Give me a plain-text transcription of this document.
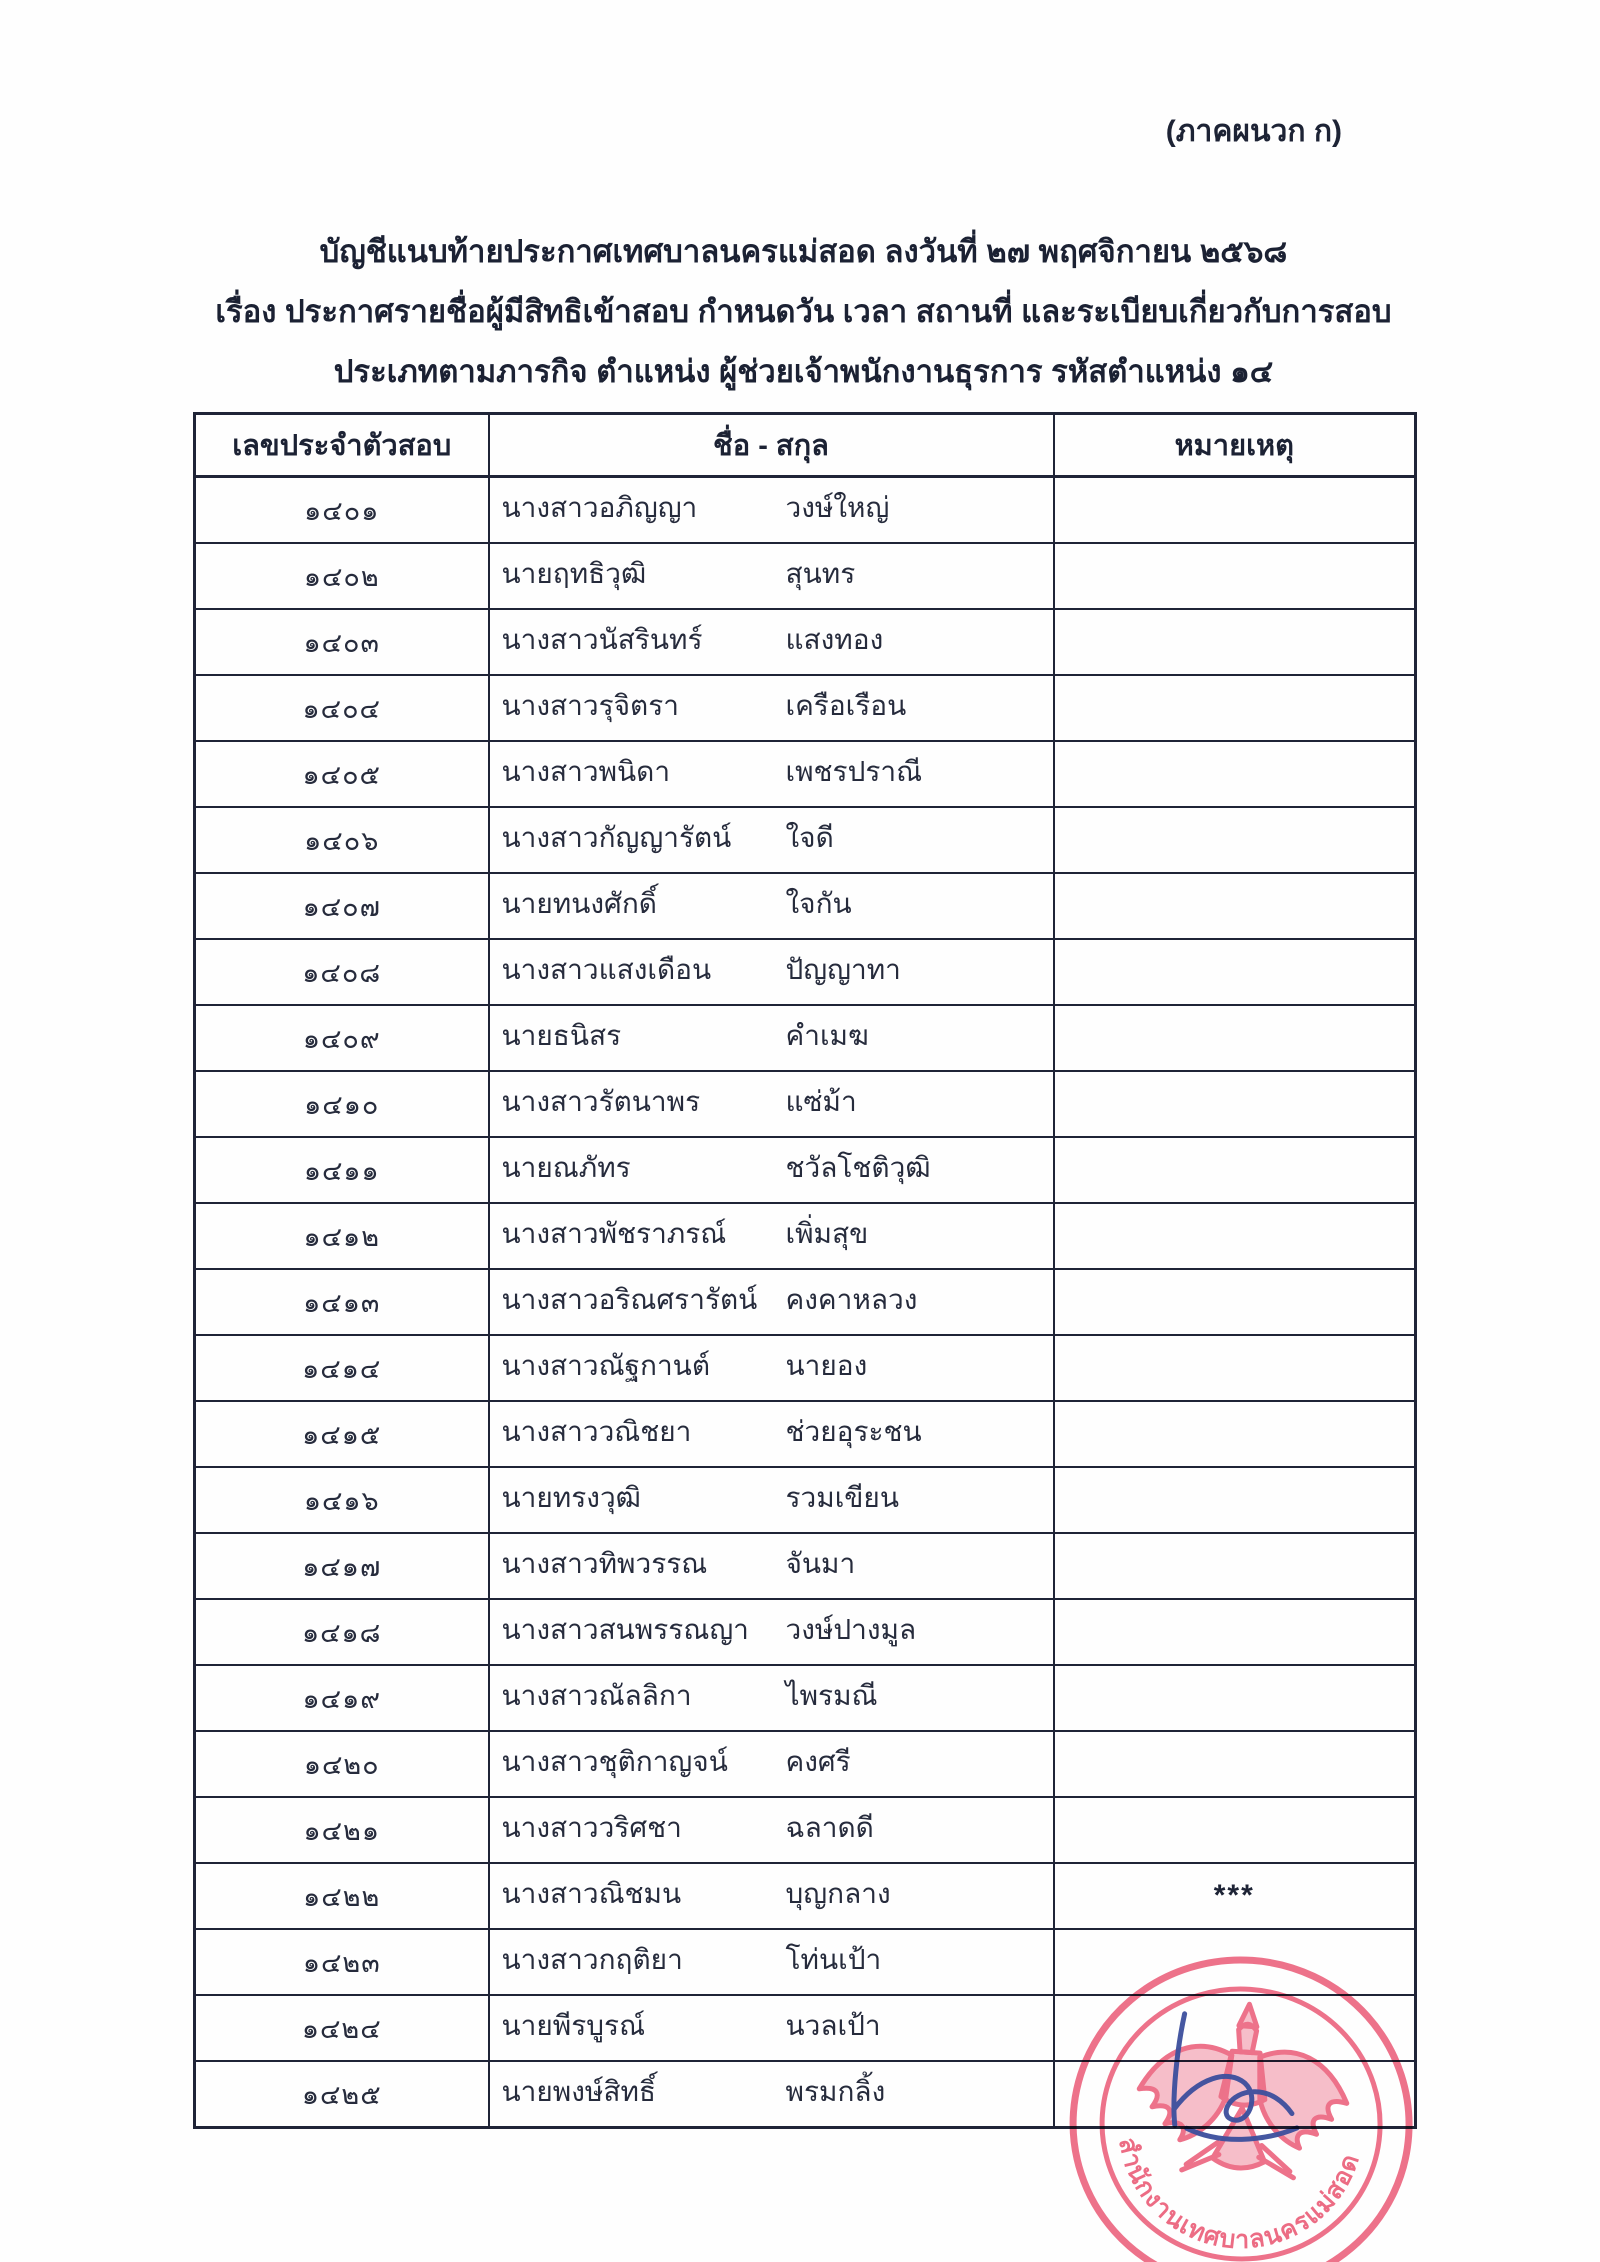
(ภาคผนวก ก)

บัญชีแนบท้ายประกาศเทศบาลนครแม่สอด ลงวันที่ ๒๗ พฤศจิกายน ๒๕๖๘

เรื่อง ประกาศรายชื่อผู้มีสิทธิเข้าสอบ กำหนดวัน เวลา สถานที่ และระเบียบเกี่ยวกับการสอบ

ประเภทตามภารกิจ ตำแหน่ง ผู้ช่วยเจ้าพนักงานธุรการ รหัสตำแหน่ง ๑๔

เลขประจำตัวสอบ	ชื่อ - สกุล	หมายเหตุ
๑๔๐๑	นางสาวอภิญญา วงษ์ใหญ่	

๑๔๐๒	นายฤทธิวุฒิ สุนทร	

๑๔๐๓	นางสาวนัสรินทร์ แสงทอง	

๑๔๐๔	นางสาวรุจิตรา เครือเรือน	

๑๔๐๕	นางสาวพนิดา เพชรปราณี	

๑๔๐๖	นางสาวกัญญารัตน์ ใจดี	

๑๔๐๗	นายทนงศักดิ์ ใจกัน	

๑๔๐๘	นางสาวแสงเดือน ปัญญาทา	

๑๔๐๙	นายธนิสร คำเมฆ	

๑๔๑๐	นางสาวรัตนาพร แซ่ม้า	

๑๔๑๑	นายณภัทร ชวัลโชติวุฒิ	

๑๔๑๒	นางสาวพัชราภรณ์ เพิ่มสุข	

๑๔๑๓	นางสาวอริณศรารัตน์ คงคาหลวง	

๑๔๑๔	นางสาวณัฐกานต์ นายอง	

๑๔๑๕	นางสาววณิชยา ช่วยอุระชน	

๑๔๑๖	นายทรงวุฒิ รวมเขียน	

๑๔๑๗	นางสาวทิพวรรณ จันมา	

๑๔๑๘	นางสาวสนพรรณญา วงษ์ปางมูล	

๑๔๑๙	นางสาวณัลลิกา ไพรมณี	

๑๔๒๐	นางสาวชุติกาญจน์ คงศรี	

๑๔๒๑	นางสาววริศชา ฉลาดดี	

๑๔๒๒	นางสาวณิชมน บุญกลาง	***
๑๔๒๓	นางสาวกฤติยา โท่นเป้า	

๑๔๒๔	นายพีรบูรณ์ นวลเป้า	

๑๔๒๕	นายพงษ์สิทธิ์ พรมกลิ้ง	

สำนักงานเทศบาลนครแม่สอด
